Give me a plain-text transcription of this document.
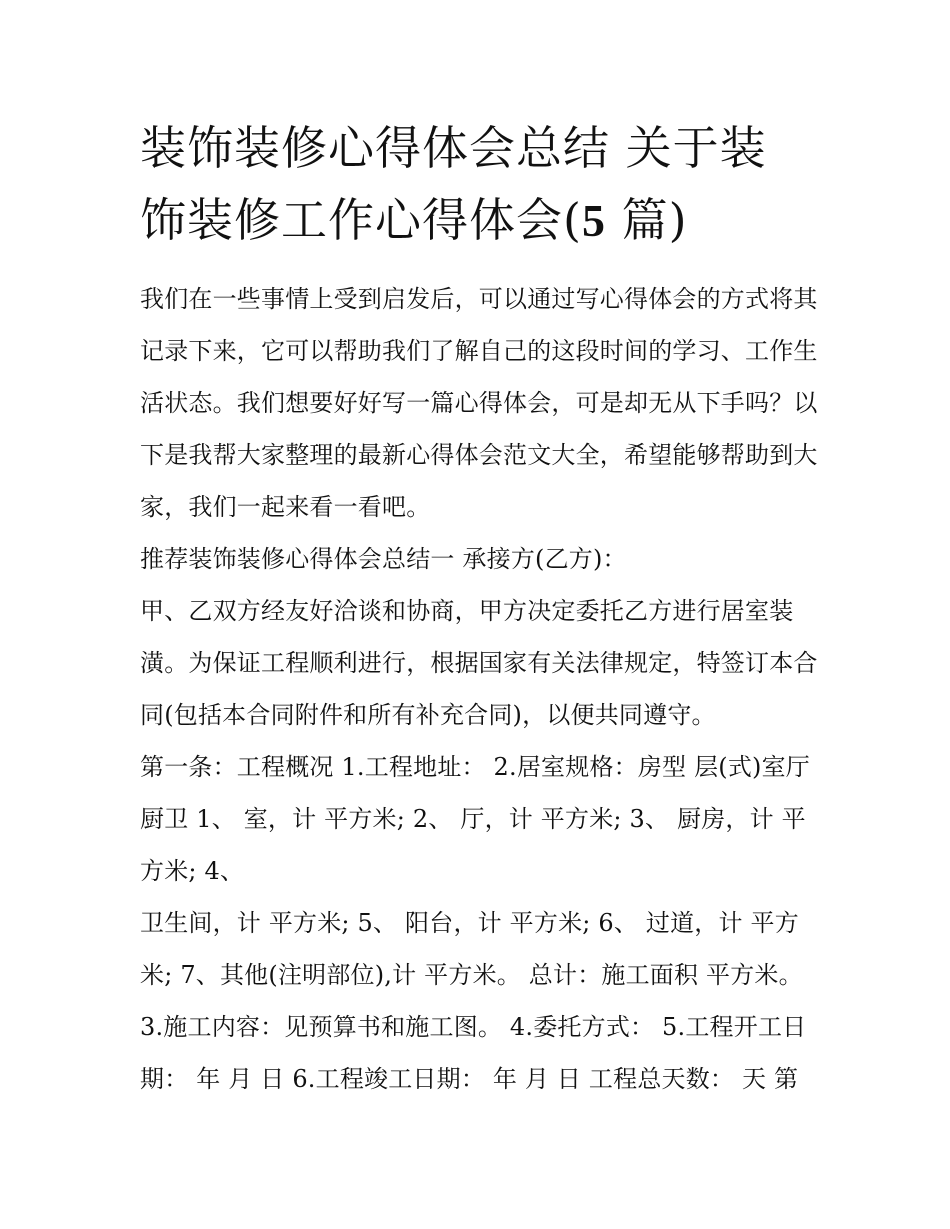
装饰装修心得体会总结 关于装
饰装修工作心得体会(5 篇)

我们在一些事情上受到启发后，可以通过写心得体会的方式将其记录下来，它可以帮助我们了解自己的这段时间的学习、工作生活状态。我们想要好好写一篇心得体会，可是却无从下手吗？以下是我帮大家整理的最新心得体会范文大全，希望能够帮助到大家，我们一起来看一看吧。

推荐装饰装修心得体会总结一 承接方(乙方)：

甲、乙双方经友好洽谈和协商，甲方决定委托乙方进行居室装潢。为保证工程顺利进行，根据国家有关法律规定，特签订本合同(包括本合同附件和所有补充合同)，以便共同遵守。

第一条：工程概况 1.工程地址： 2.居室规格：房型 层(式)室厅厨卫 1、 室，计 平方米; 2、 厅，计 平方米; 3、 厨房，计 平方米; 4、

卫生间，计 平方米; 5、 阳台，计 平方米; 6、 过道，计 平方米; 7、其他(注明部位),计 平方米。 总计：施工面积 平方米。 3.施工内容：见预算书和施工图。 4.委托方式： 5.工程开工日期： 年 月 日 6.工程竣工日期： 年 月 日 工程总天数： 天 第
